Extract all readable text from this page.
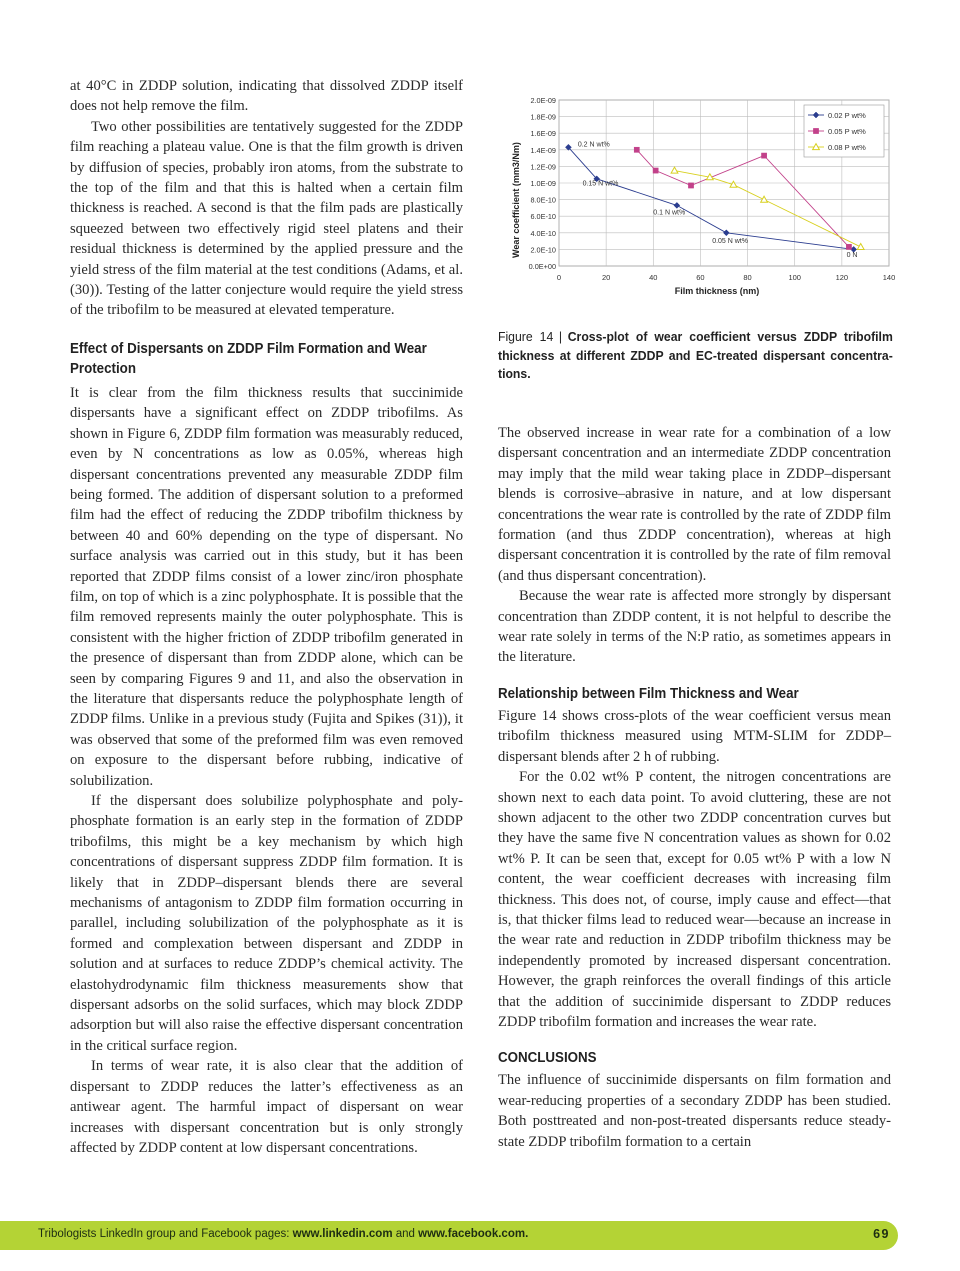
at 40°C in ZDDP solution, indicating that dissolved ZDDP itself does not help remove the film.

Two other possibilities are tentatively suggested for the ZDDP film reaching a plateau value. One is that the film growth is driven by diffusion of species, probably iron atoms, from the substrate to the top of the film and that this is halted when a certain film thickness is reached. A second is that the film pads are plastically squeezed between two effectively rigid steel platens and their residual thickness is determined by the applied pressure and the yield stress of the film material at the test conditions (Adams, et al. (30)). Testing of the latter conjecture would require the yield stress of the tribofilm to be measured at elevated temperature.

Effect of Dispersants on ZDDP Film Formation and Wear Protection

It is clear from the film thickness results that succinimide dispersants have a significant effect on ZDDP tribofilms. As shown in Figure 6, ZDDP film formation was measurably reduced, even by N concentrations as low as 0.05%, whereas high dispersant concentrations prevented any measurable ZDDP film being formed. The addition of dispersant solution to a preformed film had the effect of reducing the ZDDP tribofilm thickness by between 40 and 60% depending on the type of dispersant. No surface analysis was carried out in this study, but it has been reported that ZDDP films consist of a lower zinc/iron phosphate film, on top of which is a zinc polyphosphate. It is possible that the film removed represents mainly the outer polyphosphate. This is consistent with the higher friction of ZDDP tribofilm generated in the presence of dispersant than from ZDDP alone, which can be seen by comparing Figures 9 and 11, and also the observation in the literature that dispersants reduce the polyphosphate length of ZDDP films. Unlike in a previous study (Fujita and Spikes (31)), it was observed that some of the preformed film was even removed on exposure to the dispersant before rubbing, indicative of solubilization.

If the dispersant does solubilize polyphosphate and polyphosphate formation is an early step in the formation of ZDDP tribofilms, this might be a key mechanism by which high concentrations of dispersant suppress ZDDP film formation. It is likely that in ZDDP–dispersant blends there are several mechanisms of antagonism to ZDDP film formation occurring in parallel, including solubilization of the polyphosphate as it is formed and complexation between dispersant and ZDDP in solution and at surfaces to reduce ZDDP’s chemical activity. The elastohydrodynamic film thickness measurements show that dispersant adsorbs on the solid surfaces, which may block ZDDP adsorption but will also raise the effective dispersant concentration in the critical surface region.

In terms of wear rate, it is also clear that the addition of dispersant to ZDDP reduces the latter’s effectiveness as an antiwear agent. The harmful impact of dispersant on wear increases with dispersant concentration but is only strongly affected by ZDDP content at low dispersant concentrations.

0.0E+00
2.0E-10
4.0E-10
6.0E-10
8.0E-10
1.0E-09
1.2E-09
1.4E-09
1.6E-09
1.8E-09
2.0E-09
0	20	40	60	80	100	120	140
0.2 N wt%
0.15 N wt%
0.1 N wt%
0.05 N wt%
0 N
0.02 P wt%
0.05 P wt%
0.08 P wt%
Film thickness (nm)
Wear coefficient (mm3/Nm)

Figure 14 | Cross-plot of wear coefficient versus ZDDP tribofilm thickness at different ZDDP and EC-treated dispersant concentrations.

The observed increase in wear rate for a combination of a low dispersant concentration and an intermediate ZDDP concentration may imply that the mild wear taking place in ZDDP–dispersant blends is corrosive–abrasive in nature, and at low dispersant concentrations the wear rate is controlled by the rate of ZDDP film formation (and thus ZDDP concentration), whereas at high dispersant concentration it is controlled by the rate of film removal (and thus dispersant concentration).

Because the wear rate is affected more strongly by dispersant concentration than ZDDP content, it is not helpful to describe the wear rate solely in terms of the N:P ratio, as sometimes appears in the literature.

Relationship between Film Thickness and Wear

Figure 14 shows cross-plots of the wear coefficient versus mean tribofilm thickness measured using MTM-SLIM for ZDDP–dispersant blends after 2 h of rubbing.

For the 0.02 wt% P content, the nitrogen concentrations are shown next to each data point. To avoid cluttering, these are not shown adjacent to the other two ZDDP concentration curves but they have the same five N concentration values as shown for 0.02 wt% P. It can be seen that, except for 0.05 wt% P with a low N content, the wear coefficient decreases with increasing film thickness. This does not, of course, imply cause and effect—that is, that thicker films lead to reduced wear—because an increase in the wear rate and reduction in ZDDP tribofilm thickness may be independently promoted by increased dispersant concentration. However, the graph reinforces the overall findings of this article that the addition of succinimide dispersant to ZDDP reduces ZDDP tribofilm formation and increases the wear rate.

CONCLUSIONS

The influence of succinimide dispersants on film formation and wear-reducing properties of a secondary ZDDP has been studied. Both posttreated and non-post-treated dispersants reduce steady-state ZDDP tribofilm formation to a certain

Tribologists LinkedIn group and Facebook pages: www.linkedin.com and www.facebook.com.	69
